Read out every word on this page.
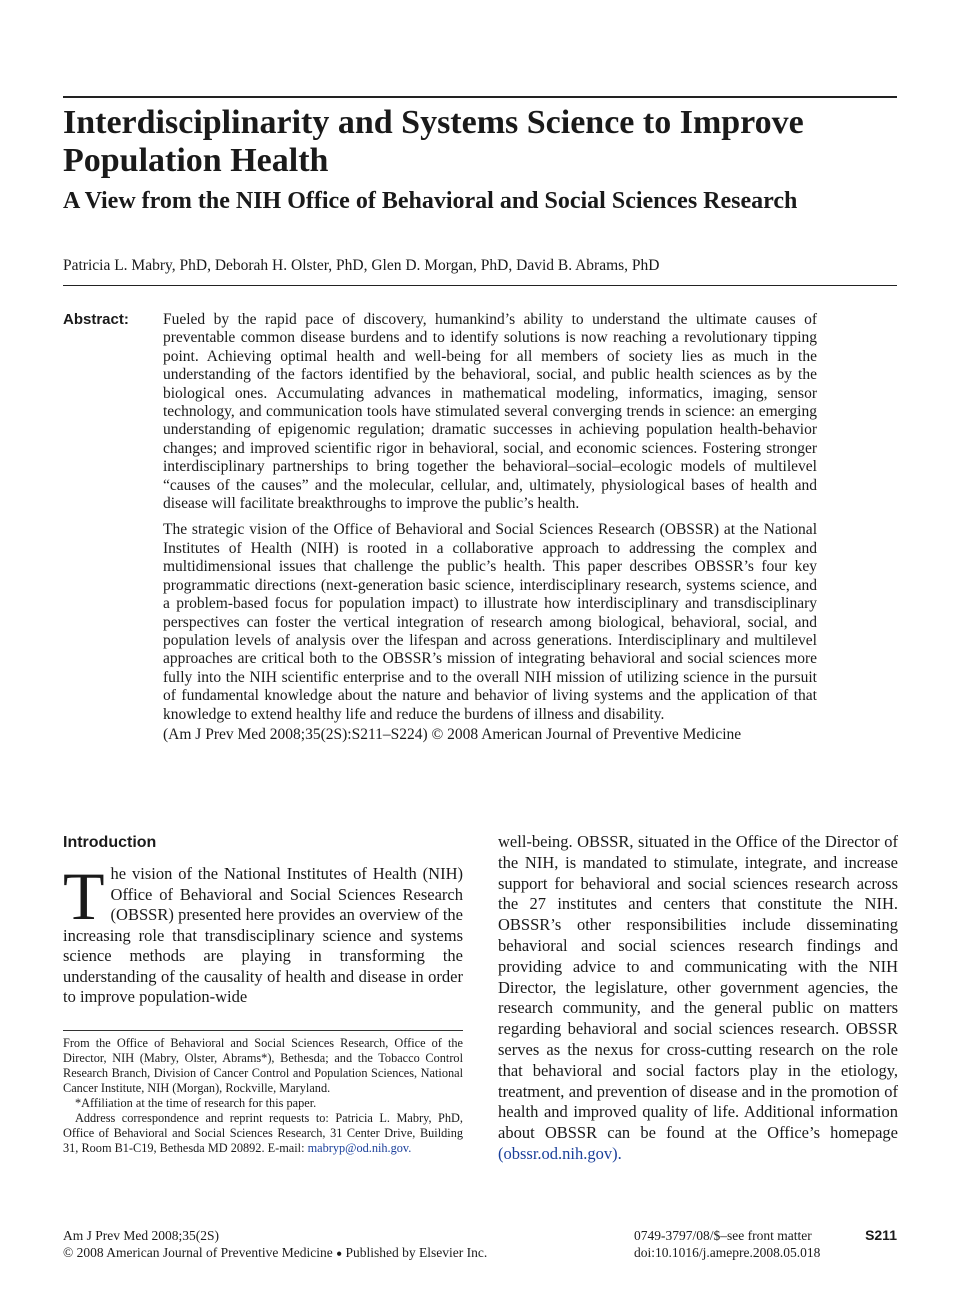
Interdisciplinarity and Systems Science to Improve Population Health
A View from the NIH Office of Behavioral and Social Sciences Research
Patricia L. Mabry, PhD, Deborah H. Olster, PhD, Glen D. Morgan, PhD, David B. Abrams, PhD
Abstract: Fueled by the rapid pace of discovery, humankind’s ability to understand the ultimate causes of preventable common disease burdens and to identify solutions is now reaching a revolutionary tipping point. Achieving optimal health and well-being for all members of society lies as much in the understanding of the factors identified by the behavioral, social, and public health sciences as by the biological ones. Accumulating advances in mathematical modeling, informatics, imaging, sensor technology, and communication tools have stimulated several converging trends in science: an emerging understanding of epigenomic regulation; dramatic successes in achieving population health-behavior changes; and improved scientific rigor in behavioral, social, and economic sciences. Fostering stronger interdisciplinary partnerships to bring together the behavioral–social–ecologic models of multilevel “causes of the causes” and the molecular, cellular, and, ultimately, physiological bases of health and disease will facilitate breakthroughs to improve the public’s health.

The strategic vision of the Office of Behavioral and Social Sciences Research (OBSSR) at the National Institutes of Health (NIH) is rooted in a collaborative approach to addressing the complex and multidimensional issues that challenge the public’s health. This paper describes OBSSR’s four key programmatic directions (next-generation basic science, interdisciplinary research, systems science, and a problem-based focus for population impact) to illustrate how interdisciplinary and transdisciplinary perspectives can foster the vertical integration of research among biological, behavioral, social, and population levels of analysis over the lifespan and across generations. Interdisciplinary and multilevel approaches are critical both to the OBSSR’s mission of integrating behavioral and social sciences more fully into the NIH scientific enterprise and to the overall NIH mission of utilizing science in the pursuit of fundamental knowledge about the nature and behavior of living systems and the application of that knowledge to extend healthy life and reduce the burdens of illness and disability.

(Am J Prev Med 2008;35(2S):S211–S224) © 2008 American Journal of Preventive Medicine

Introduction

The vision of the National Institutes of Health (NIH) Office of Behavioral and Social Sciences Research (OBSSR) presented here provides an overview of the increasing role that transdisciplinary science and systems science methods are playing in transforming the understanding of the causality of health and disease in order to improve population-wide

well-being. OBSSR, situated in the Office of the Director of the NIH, is mandated to stimulate, integrate, and increase support for behavioral and social sciences research across the 27 institutes and centers that constitute the NIH. OBSSR’s other responsibilities include disseminating behavioral and social sciences research findings and providing advice to and communicating with the NIH Director, the legislature, other government agencies, the research community, and the general public on matters regarding behavioral and social sciences research. OBSSR serves as the nexus for cross-cutting research on the role that behavioral and social factors play in the etiology, treatment, and prevention of disease and in the promotion of health and improved quality of life. Additional information about OBSSR can be found at the Office’s homepage (obssr.od.nih.gov).

From the Office of Behavioral and Social Sciences Research, Office of the Director, NIH (Mabry, Olster, Abrams*), Bethesda; and the Tobacco Control Research Branch, Division of Cancer Control and Population Sciences, National Cancer Institute, NIH (Morgan), Rockville, Maryland.

*Affiliation at the time of research for this paper.

Address correspondence and reprint requests to: Patricia L. Mabry, PhD, Office of Behavioral and Social Sciences Research, 31 Center Drive, Building 31, Room B1-C19, Bethesda MD 20892. E-mail: mabryp@od.nih.gov.

Am J Prev Med 2008;35(2S)
© 2008 American Journal of Preventive Medicine ● Published by Elsevier Inc.
0749-3797/08/$–see front matter	S211
doi:10.1016/j.amepre.2008.05.018
